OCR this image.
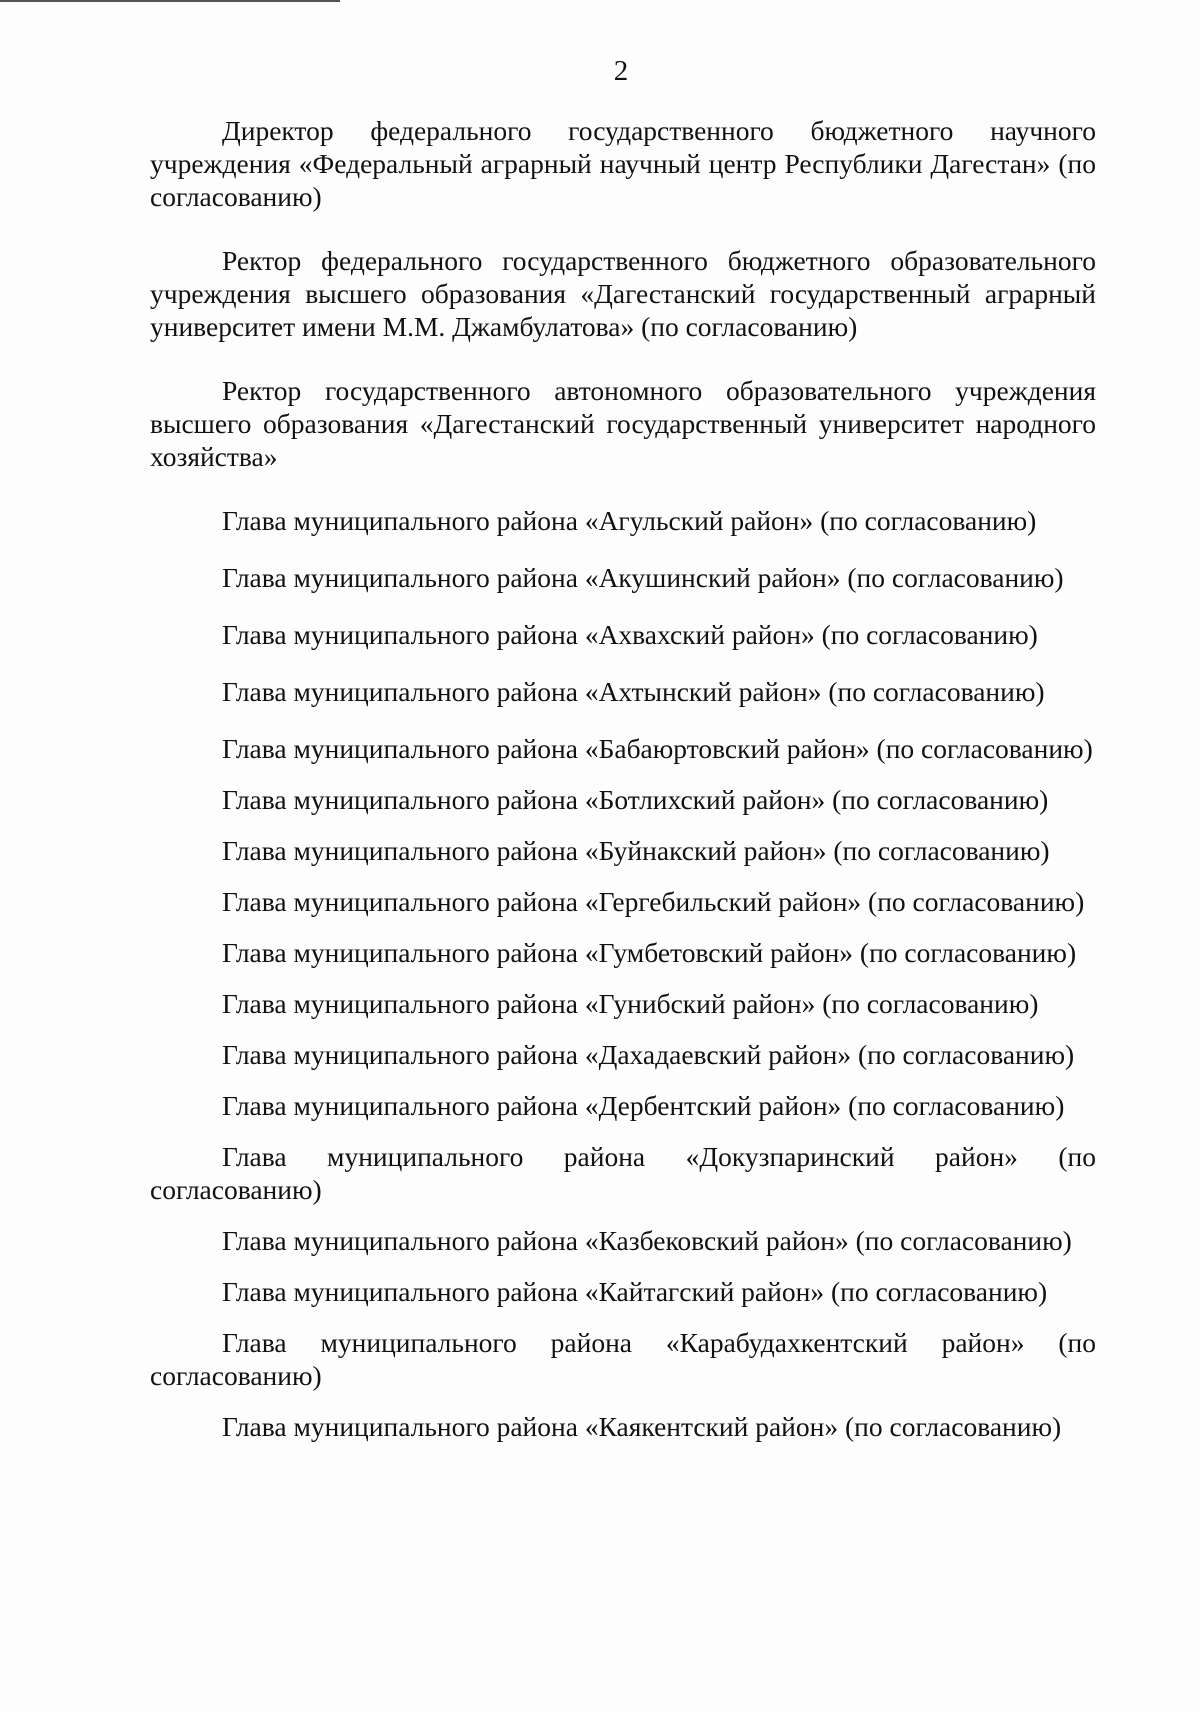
2

Директор федерального государственного бюджетного научного учреждения «Федеральный аграрный научный центр Республики Дагестан» (по согласованию)

Ректор федерального государственного бюджетного образовательного учреждения высшего образования «Дагестанский государственный аграрный университет имени М.М. Джамбулатова» (по согласованию)

Ректор государственного автономного образовательного учреждения высшего образования «Дагестанский государственный университет народного хозяйства»

Глава муниципального района «Агульский район» (по согласованию)

Глава муниципального района «Акушинский район» (по согласованию)

Глава муниципального района «Ахвахский район» (по согласованию)

Глава муниципального района «Ахтынский район» (по согласованию)

Глава муниципального района «Бабаюртовский район» (по согласованию)

Глава муниципального района «Ботлихский район» (по согласованию)

Глава муниципального района «Буйнакский район» (по согласованию)

Глава муниципального района «Гергебильский район» (по согласованию)

Глава муниципального района «Гумбетовский район» (по согласованию)

Глава муниципального района «Гунибский район» (по согласованию)

Глава муниципального района «Дахадаевский район» (по согласованию)

Глава муниципального района «Дербентский район» (по согласованию)

Глава муниципального района «Докузпаринский район» (по согласованию)

Глава муниципального района «Казбековский район» (по согласованию)

Глава муниципального района «Кайтагский район» (по согласованию)

Глава муниципального района «Карабудахкентский район» (по согласованию)

Глава муниципального района «Каякентский район» (по согласованию)
